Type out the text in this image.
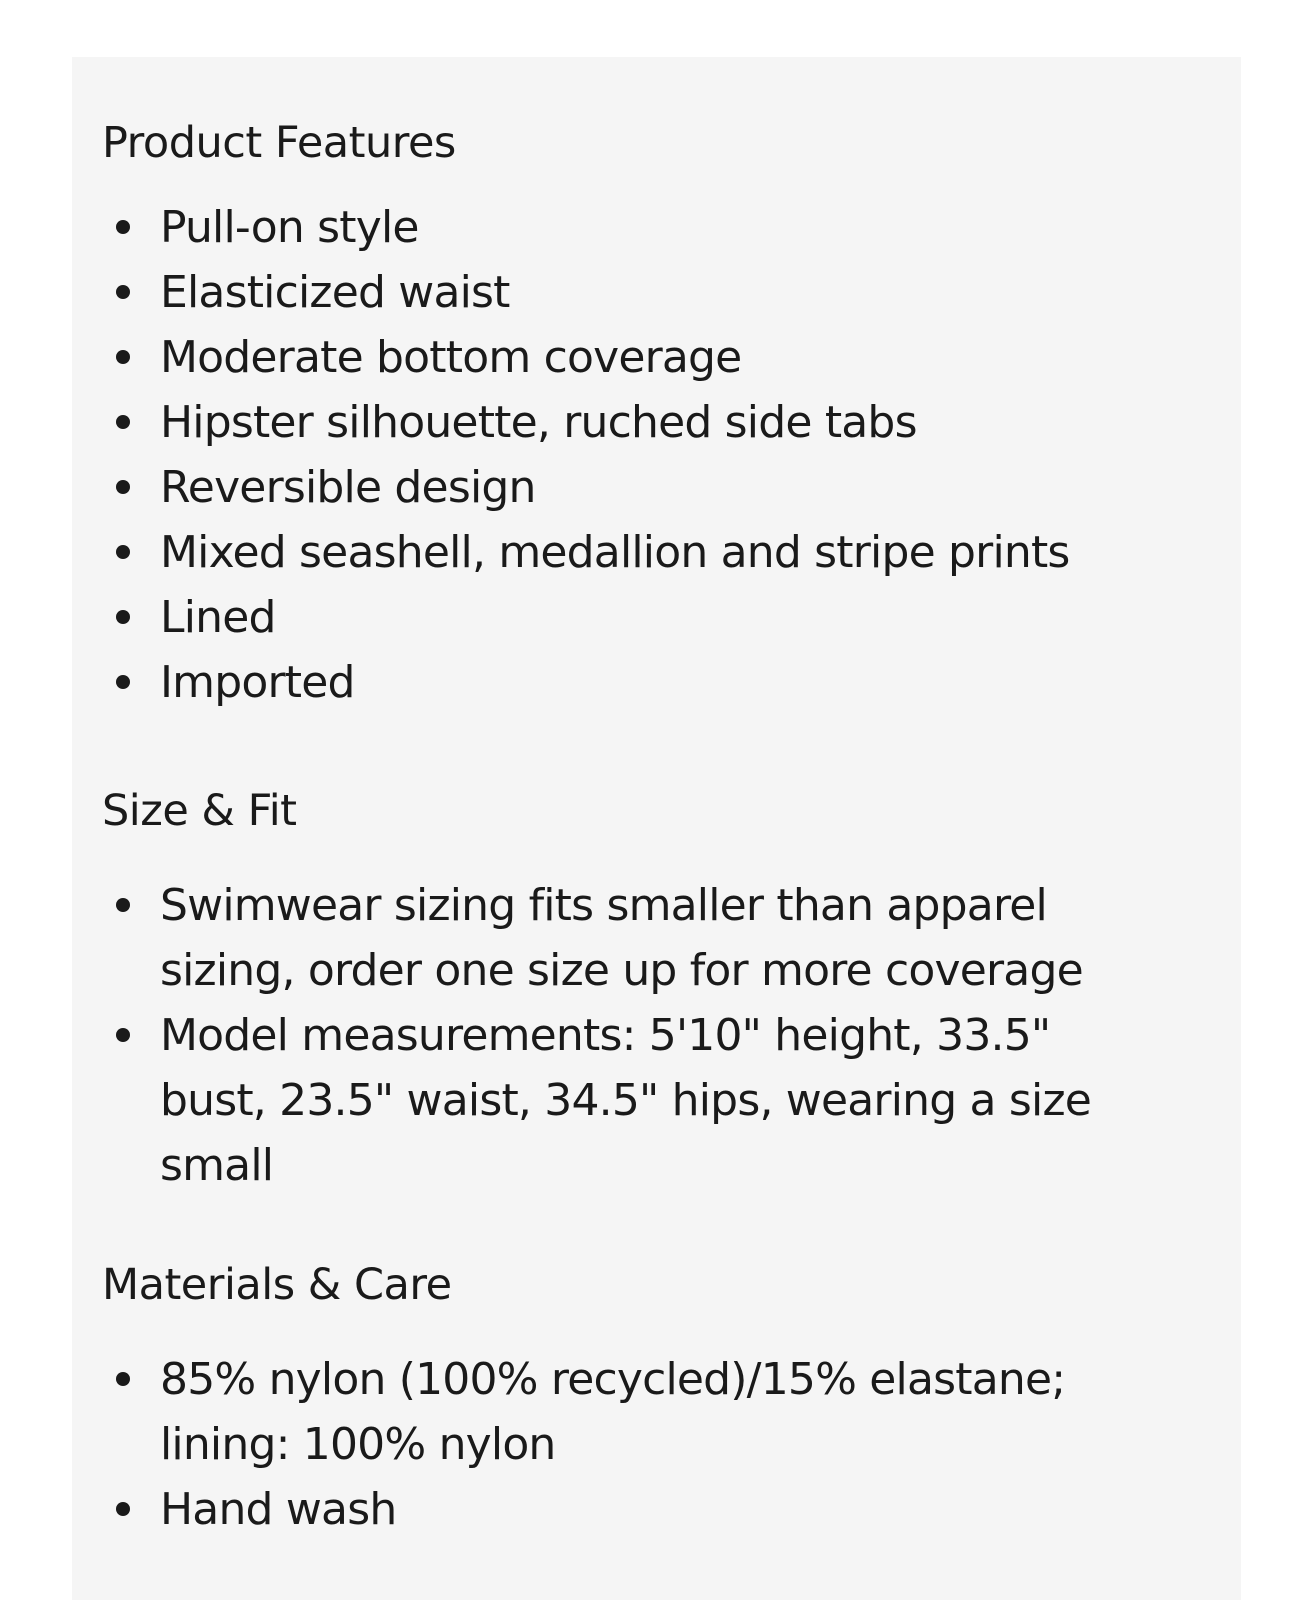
Product Features
Pull-on style
Elasticized waist
Moderate bottom coverage
Hipster silhouette, ruched side tabs
Reversible design
Mixed seashell, medallion and stripe prints
Lined
Imported
Size & Fit
Swimwear sizing fits smaller than apparel sizing, order one size up for more coverage
Model measurements: 5'10" height, 33.5" bust, 23.5" waist, 34.5" hips, wearing a size small
Materials & Care
85% nylon (100% recycled)/15% elastane; lining: 100% nylon
Hand wash
